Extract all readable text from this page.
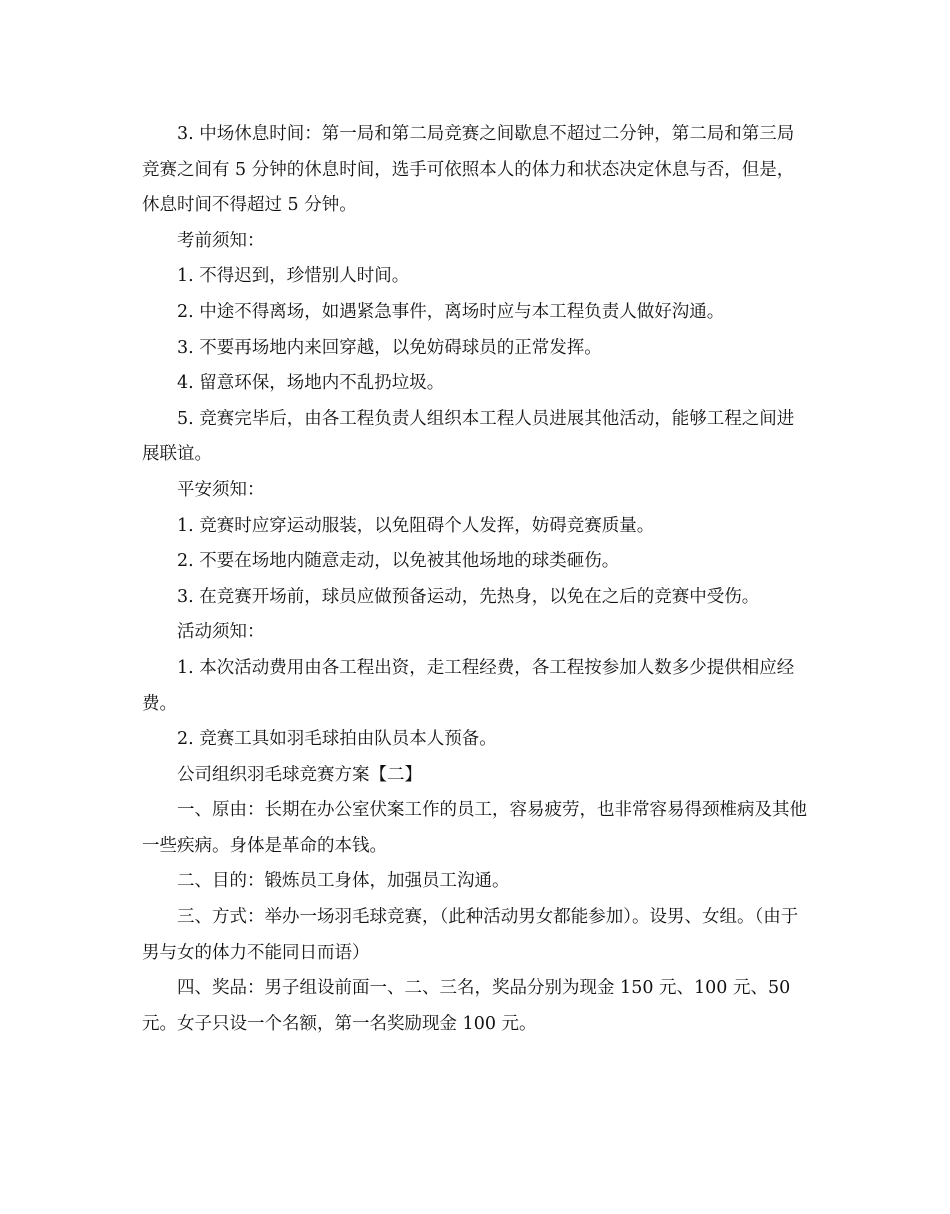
3. 中场休息时间：第一局和第二局竞赛之间歇息不超过二分钟，第二局和第三局竞赛之间有 5 分钟的休息时间，选手可依照本人的体力和状态决定休息与否，但是，休息时间不得超过 5 分钟。

考前须知：

1. 不得迟到，珍惜别人时间。

2. 中途不得离场，如遇紧急事件，离场时应与本工程负责人做好沟通。

3. 不要再场地内来回穿越，以免妨碍球员的正常发挥。

4. 留意环保，场地内不乱扔垃圾。

5. 竞赛完毕后，由各工程负责人组织本工程人员进展其他活动，能够工程之间进展联谊。

平安须知：

1. 竞赛时应穿运动服装，以免阻碍个人发挥，妨碍竞赛质量。

2. 不要在场地内随意走动，以免被其他场地的球类砸伤。

3. 在竞赛开场前，球员应做预备运动，先热身，以免在之后的竞赛中受伤。

活动须知：

1. 本次活动费用由各工程出资，走工程经费，各工程按参加人数多少提供相应经费。

2. 竞赛工具如羽毛球拍由队员本人预备。

公司组织羽毛球竞赛方案【二】

一、原由：长期在办公室伏案工作的员工，容易疲劳，也非常容易得颈椎病及其他一些疾病。身体是革命的本钱。

二、目的：锻炼员工身体，加强员工沟通。

三、方式：举办一场羽毛球竞赛，（此种活动男女都能参加）。设男、女组。（由于男与女的体力不能同日而语）

四、奖品：男子组设前面一、二、三名，奖品分别为现金 150 元、100 元、50 元。女子只设一个名额，第一名奖励现金 100 元。
